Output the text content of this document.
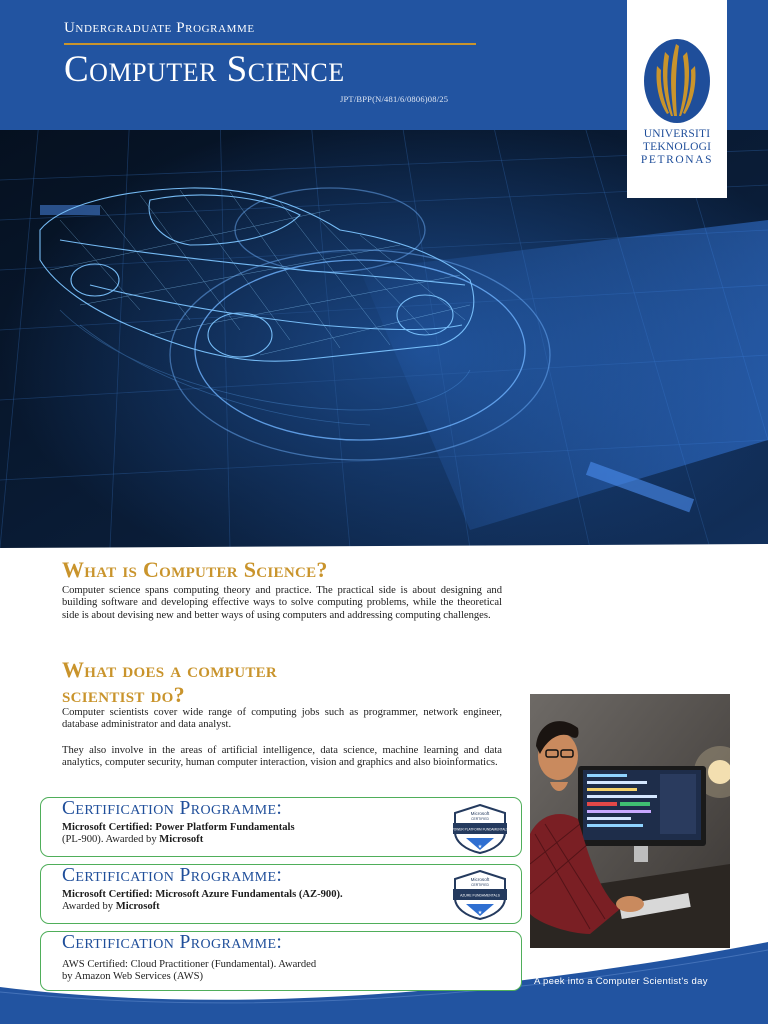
Undergraduate Programme
Computer Science
JPT/BPP(N/481/6/0806)08/25
UNIVERSITI
TEKNOLOGI
PETRONAS
What is Computer Science?

Computer science spans computing theory and practice. The practical side is about designing and building software and developing effective ways to solve computing problems, while the theoretical side is about devising new and better ways of using computers and addressing computing challenges.

What does a computer
scientist do?

Computer scientists cover wide range of computing jobs such as programmer, network engineer, database administrator and data analyst.

They also involve in the areas of artificial intelligence, data science, machine learning and data analytics, computer security, human computer interaction, vision and graphics and also bioinformatics.

A peek into a Computer Scientist's day
Certification Programme:
Microsoft Certified: Power Platform Fundamentals
(PL-900). Awarded by Microsoft
★
Microsoft
CERTIFIED
POWER PLATFORM FUNDAMENTALS
Certification Programme:
Microsoft Certified: Microsoft Azure Fundamentals (AZ-900).
Awarded by Microsoft
★
Microsoft
CERTIFIED
AZURE FUNDAMENTALS
Certification Programme:
AWS Certified: Cloud Practitioner (Fundamental). Awarded
by Amazon Web Services (AWS)
